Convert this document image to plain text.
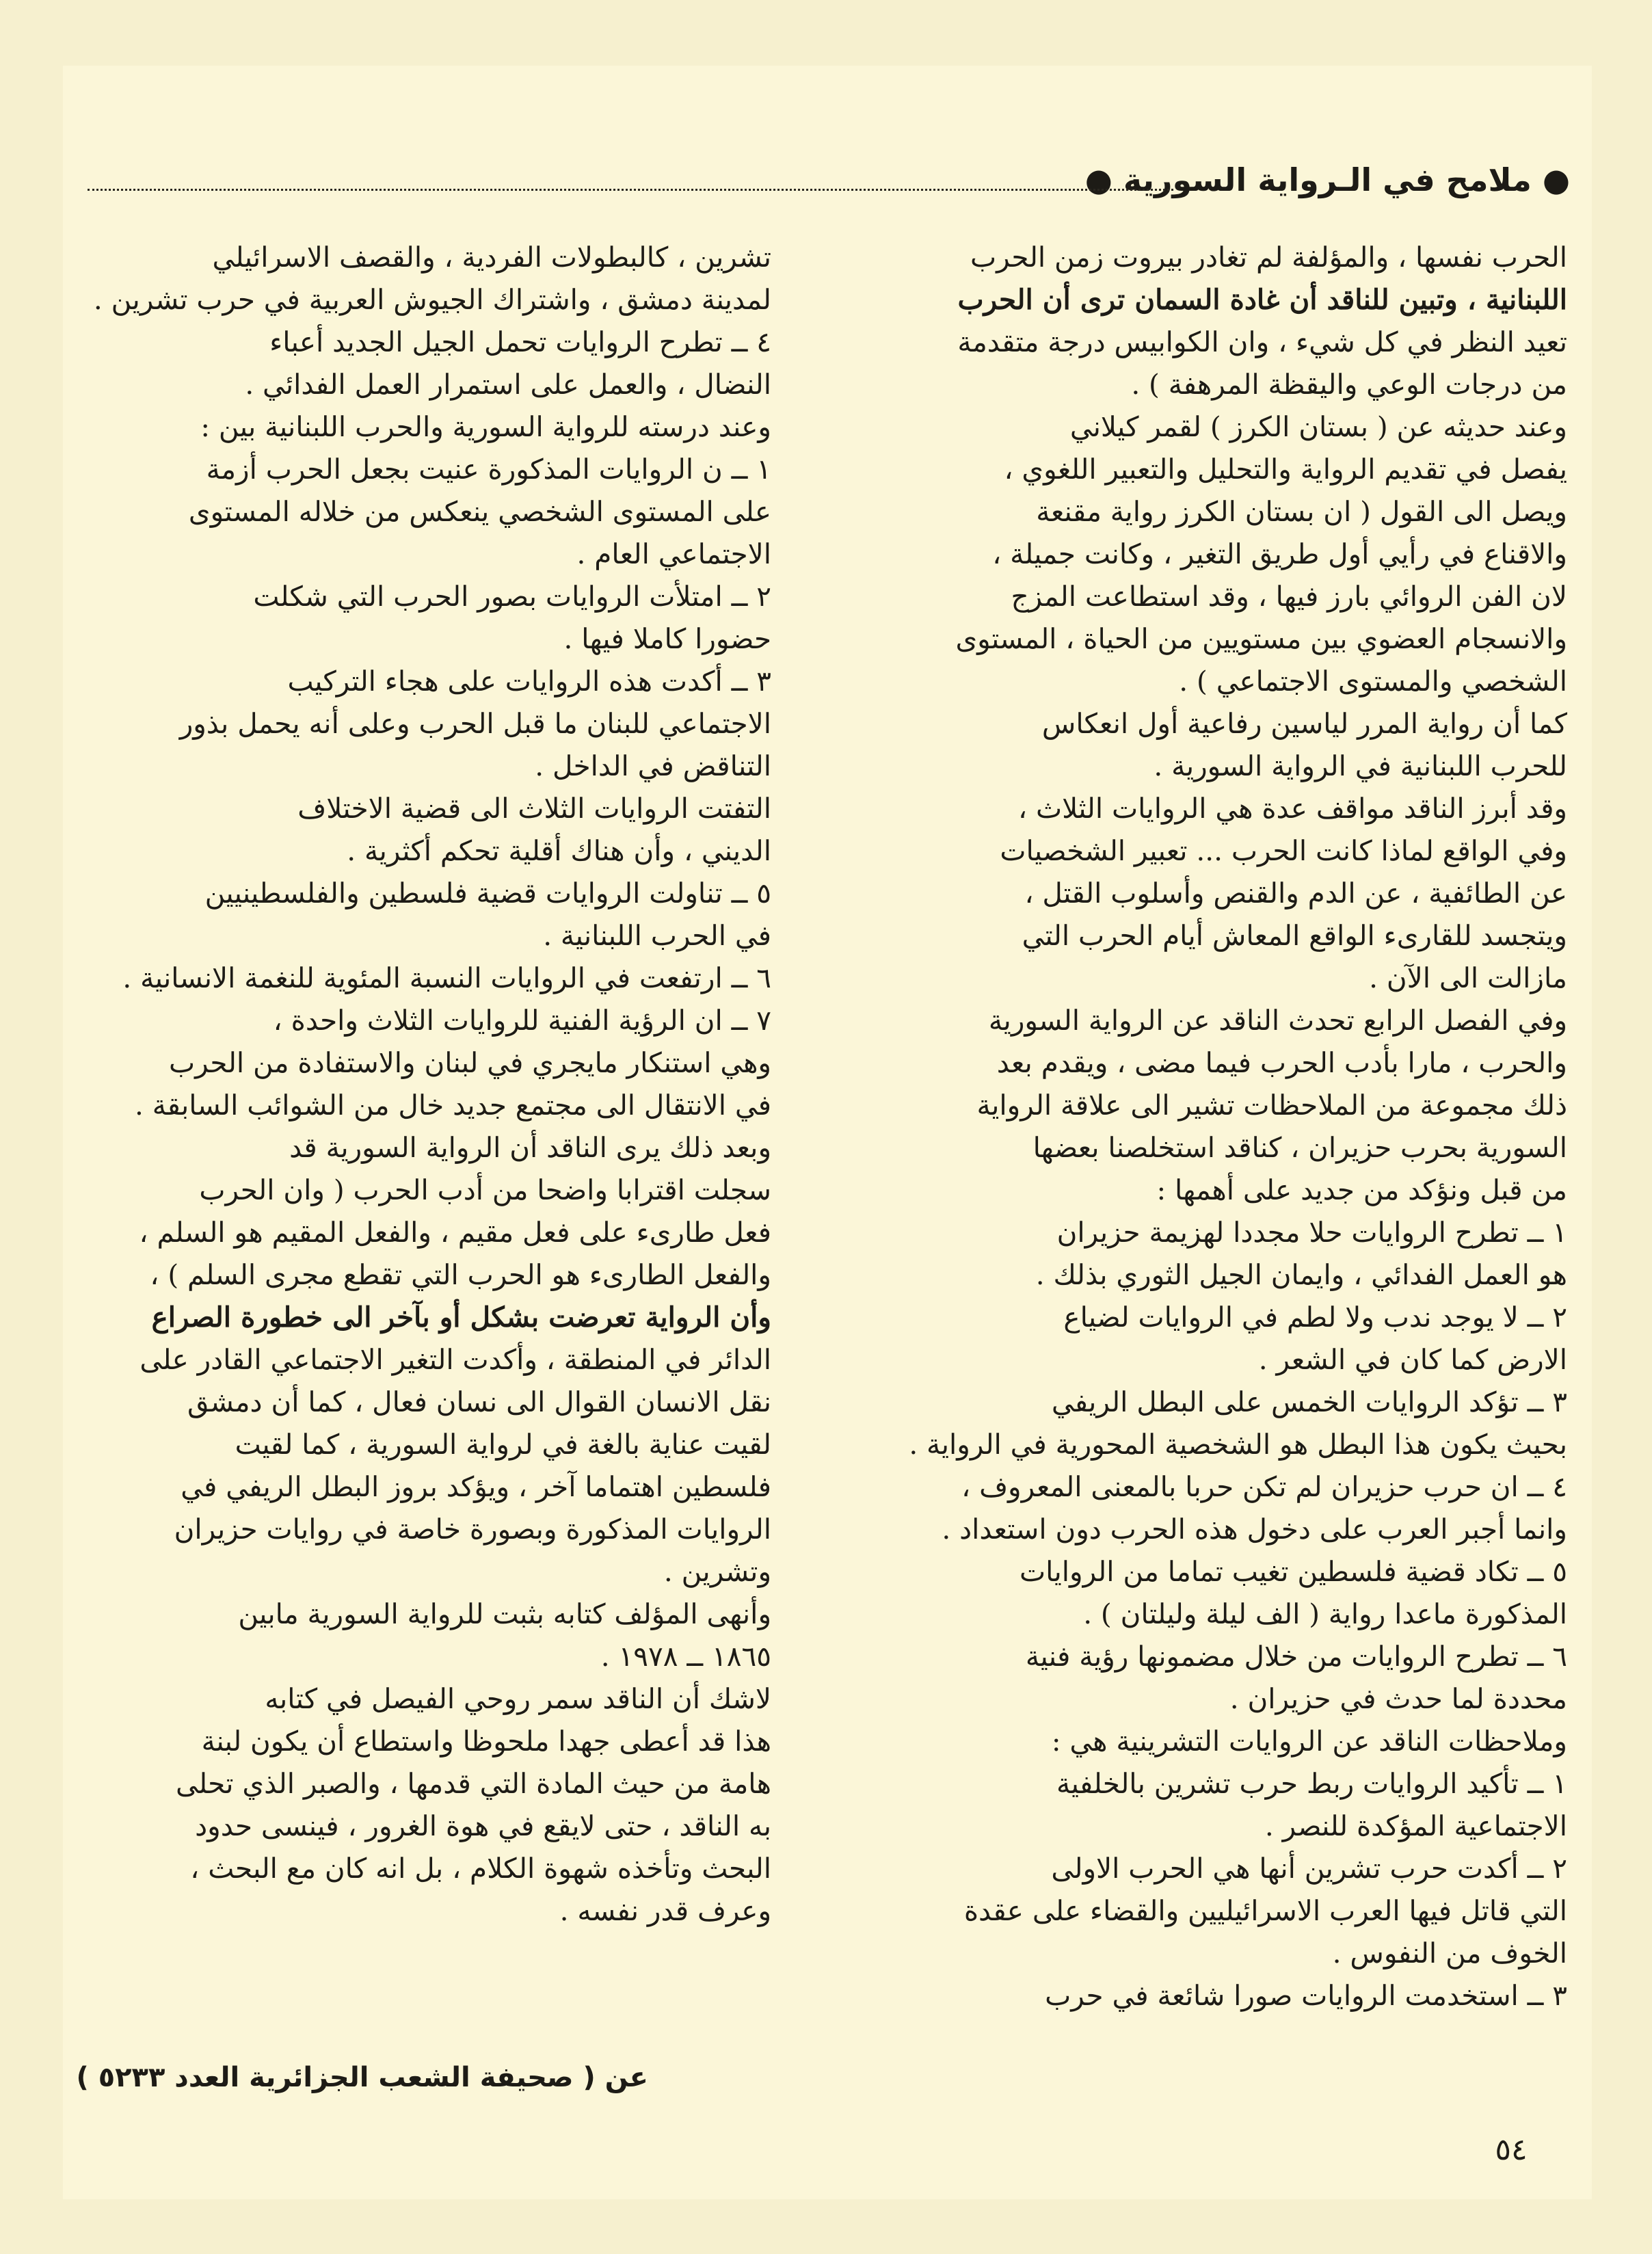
● ملامح في الـرواية السورية ●

الحرب نفسها ، والمؤلفة لم تغادر بيروت زمن الحرب

اللبنانية ، وتبين للناقد أن غادة السمان ترى أن الحرب

تعيد النظر في كل شيء ، وان الكوابيس درجة متقدمة

من درجات الوعي واليقظة المرهفة ) .

وعند حديثه عن ( بستان الكرز ) لقمر كيلاني

يفصل في تقديم الرواية والتحليل والتعبير اللغوي ،

ويصل الى القول ( ان بستان الكرز رواية مقنعة

والاقناع في رأيي أول طريق التغير ، وكانت جميلة ،

لان الفن الروائي بارز فيها ، وقد استطاعت المزج

والانسجام العضوي بين مستويين من الحياة ، المستوى

الشخصي والمستوى الاجتماعي ) .

كما أن رواية المرر لياسين رفاعية أول انعكاس

للحرب اللبنانية في الرواية السورية .

وقد أبرز الناقد مواقف عدة هي الروايات الثلاث ،

وفي الواقع لماذا كانت الحرب ... تعبير الشخصيات

عن الطائفية ، عن الدم والقنص وأسلوب القتل ،

ويتجسد للقارىء الواقع المعاش أيام الحرب التي

مازالت الى الآن .

وفي الفصل الرابع تحدث الناقد عن الرواية السورية

والحرب ، مارا بأدب الحرب فيما مضى ، ويقدم بعد

ذلك مجموعة من الملاحظات تشير الى علاقة الرواية

السورية بحرب حزيران ، كناقد استخلصنا بعضها

من قبل ونؤكد من جديد على أهمها :

١ ــ تطرح الروايات حلا مجددا لهزيمة حزيران

هو العمل الفدائي ، وايمان الجيل الثوري بذلك .

٢ ــ لا يوجد ندب ولا لطم في الروايات لضياع

الارض كما كان في الشعر .

٣ ــ تؤكد الروايات الخمس على البطل الريفي

بحيث يكون هذا البطل هو الشخصية المحورية في الرواية .

٤ ــ ان حرب حزيران لم تكن حربا بالمعنى المعروف ،

وانما أجبر العرب على دخول هذه الحرب دون استعداد .

٥ ــ تكاد قضية فلسطين تغيب تماما من الروايات

المذكورة ماعدا رواية ( الف ليلة وليلتان ) .

٦ ــ تطرح الروايات من خلال مضمونها رؤية فنية

محددة لما حدث في حزيران .

وملاحظات الناقد عن الروايات التشرينية هي :

١ ــ تأكيد الروايات ربط حرب تشرين بالخلفية

الاجتماعية المؤكدة للنصر .

٢ ــ أكدت حرب تشرين أنها هي الحرب الاولى

التي قاتل فيها العرب الاسرائيليين والقضاء على عقدة

الخوف من النفوس .

٣ ــ استخدمت الروايات صورا شائعة في حرب

تشرين ، كالبطولات الفردية ، والقصف الاسرائيلي

لمدينة دمشق ، واشتراك الجيوش العربية في حرب تشرين .

٤ ــ تطرح الروايات تحمل الجيل الجديد أعباء

النضال ، والعمل على استمرار العمل الفدائي .

وعند درسته للرواية السورية والحرب اللبنانية بين :

١ ــ ن الروايات المذكورة عنيت بجعل الحرب أزمة

على المستوى الشخصي ينعكس من خلاله المستوى

الاجتماعي العام .

٢ ــ امتلأت الروايات بصور الحرب التي شكلت

حضورا كاملا فيها .

٣ ــ أكدت هذه الروايات على هجاء التركيب

الاجتماعي للبنان ما قبل الحرب وعلى أنه يحمل بذور

التناقض في الداخل .

التفتت الروايات الثلاث الى قضية الاختلاف

الديني ، وأن هناك أقلية تحكم أكثرية .

٥ ــ تناولت الروايات قضية فلسطين والفلسطينيين

في الحرب اللبنانية .

٦ ــ ارتفعت في الروايات النسبة المئوية للنغمة الانسانية .

٧ ــ ان الرؤية الفنية للروايات الثلاث واحدة ،

وهي استنكار مايجري في لبنان والاستفادة من الحرب

في الانتقال الى مجتمع جديد خال من الشوائب السابقة .

وبعد ذلك يرى الناقد أن الرواية السورية قد

سجلت اقترابا واضحا من أدب الحرب ( وان الحرب

فعل طارىء على فعل مقيم ، والفعل المقيم هو السلم ،

والفعل الطارىء هو الحرب التي تقطع مجرى السلم ) ،

وأن الرواية تعرضت بشكل أو بآخر الى خطورة الصراع

الدائر في المنطقة ، وأكدت التغير الاجتماعي القادر على

نقل الانسان القوال الى نسان فعال ، كما أن دمشق

لقيت عناية بالغة في لرواية السورية ، كما لقيت

فلسطين اهتماما آخر ، ويؤكد بروز البطل الريفي في

الروايات المذكورة وبصورة خاصة في روايات حزيران

وتشرين .

وأنهى المؤلف كتابه بثبت للرواية السورية مابين

١٨٦٥ ــ ١٩٧٨ .

لاشك أن الناقد سمر روحي الفيصل في كتابه

هذا قد أعطى جهدا ملحوظا واستطاع أن يكون لبنة

هامة من حيث المادة التي قدمها ، والصبر الذي تحلى

به الناقد ، حتى لايقع في هوة الغرور ، فينسى حدود

البحث وتأخذه شهوة الكلام ، بل انه كان مع البحث ،

وعرف قدر نفسه .

عن ( صحيفة الشعب الجزائرية العدد ٥٢٣٣ )
٥٤
